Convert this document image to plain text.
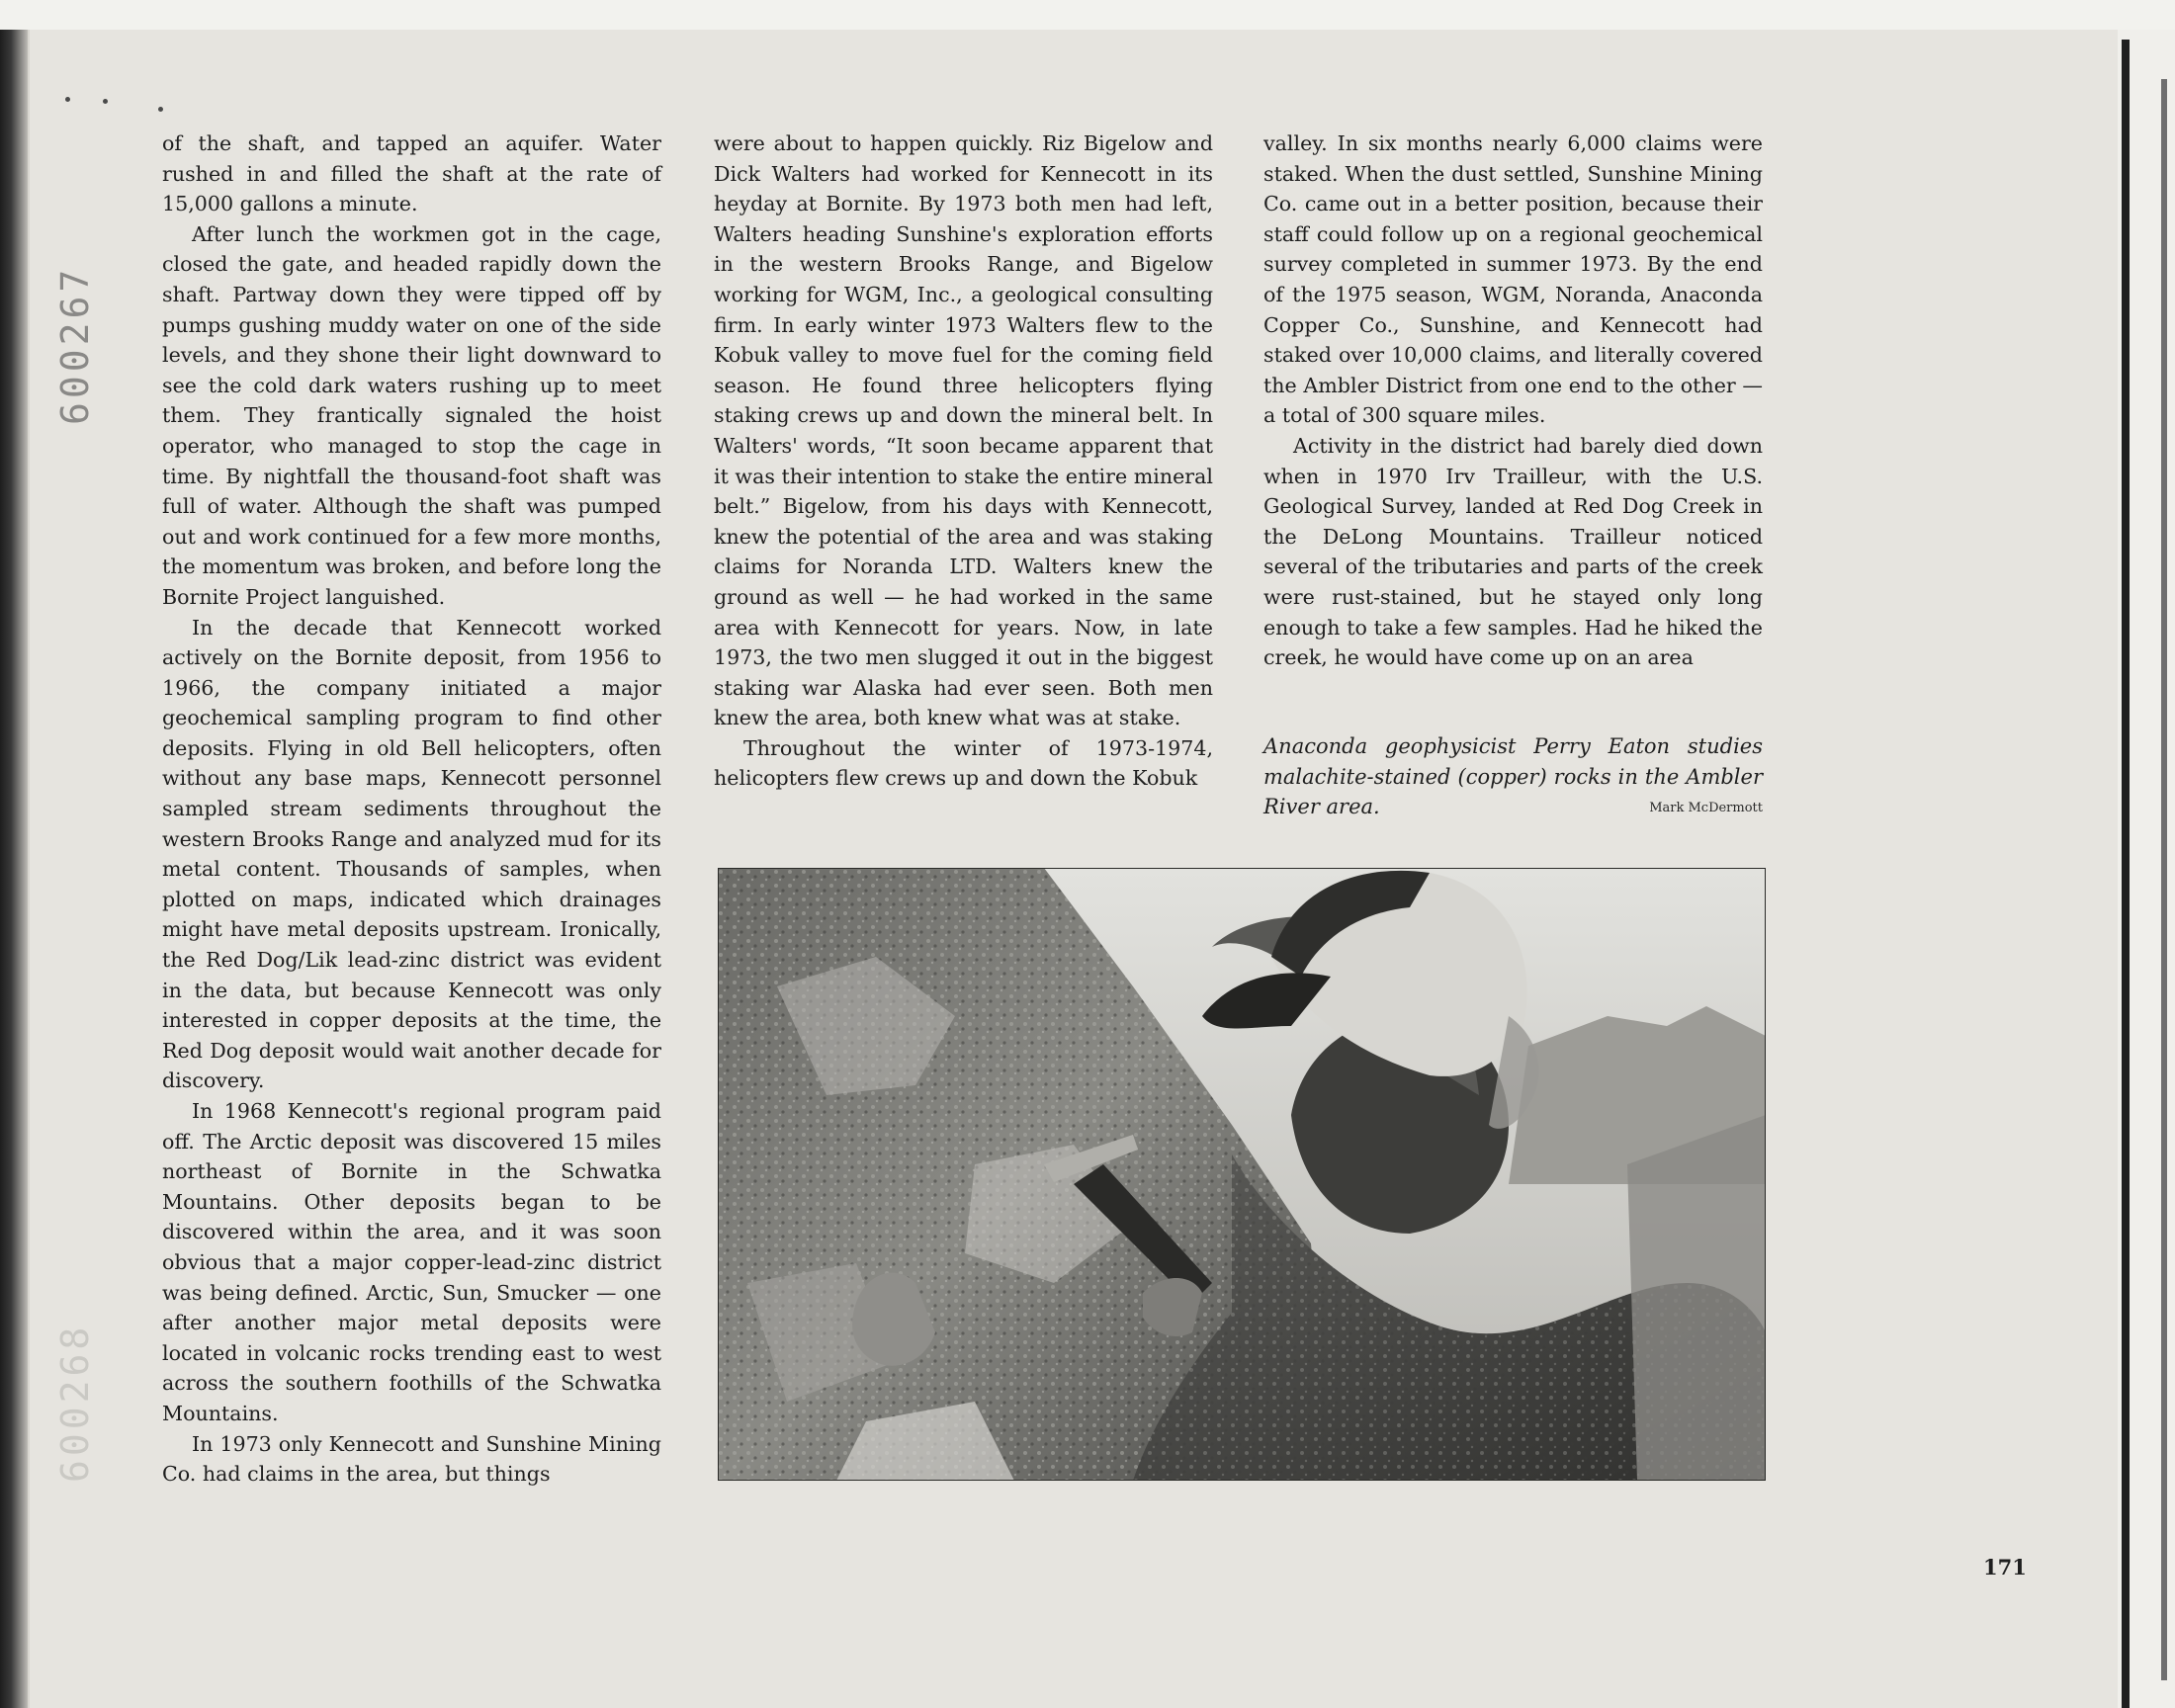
600267
600268

of the shaft, and tapped an aquifer. Water rushed in and filled the shaft at the rate of 15,000 gallons a minute.

After lunch the workmen got in the cage, closed the gate, and headed rapidly down the shaft. Partway down they were tipped off by pumps gushing muddy water on one of the side levels, and they shone their light downward to see the cold dark waters rushing up to meet them. They frantically signaled the hoist operator, who managed to stop the cage in time. By nightfall the thousand-foot shaft was full of water. Although the shaft was pumped out and work continued for a few more months, the momentum was broken, and before long the Bornite Project languished.

In the decade that Kennecott worked actively on the Bornite deposit, from 1956 to 1966, the company initiated a major geochemical sampling program to find other deposits. Flying in old Bell helicopters, often without any base maps, Kennecott personnel sampled stream sediments throughout the western Brooks Range and analyzed mud for its metal content. Thousands of samples, when plotted on maps, indicated which drainages might have metal deposits upstream. Ironically, the Red Dog/Lik lead-zinc district was evident in the data, but because Kennecott was only interested in copper deposits at the time, the Red Dog deposit would wait another decade for discovery.

In 1968 Kennecott's regional program paid off. The Arctic deposit was discovered 15 miles northeast of Bornite in the Schwatka Mountains. Other deposits began to be discovered within the area, and it was soon obvious that a major copper-lead-zinc district was being defined. Arctic, Sun, Smucker — one after another major metal deposits were located in volcanic rocks trending east to west across the southern foothills of the Schwatka Mountains.

In 1973 only Kennecott and Sunshine Mining Co. had claims in the area, but things

were about to happen quickly. Riz Bigelow and Dick Walters had worked for Kennecott in its heyday at Bornite. By 1973 both men had left, Walters heading Sunshine's exploration efforts in the western Brooks Range, and Bigelow working for WGM, Inc., a geological consulting firm. In early winter 1973 Walters flew to the Kobuk valley to move fuel for the coming field season. He found three helicopters flying staking crews up and down the mineral belt. In Walters' words, “It soon became apparent that it was their intention to stake the entire mineral belt.” Bigelow, from his days with Kennecott, knew the potential of the area and was staking claims for Noranda LTD. Walters knew the ground as well — he had worked in the same area with Kennecott for years. Now, in late 1973, the two men slugged it out in the biggest staking war Alaska had ever seen. Both men knew the area, both knew what was at stake.

Throughout the winter of 1973-1974, helicopters flew crews up and down the Kobuk

valley. In six months nearly 6,000 claims were staked. When the dust settled, Sunshine Mining Co. came out in a better position, because their staff could follow up on a regional geochemical survey completed in summer 1973. By the end of the 1975 season, WGM, Noranda, Anaconda Copper Co., Sunshine, and Kennecott had staked over 10,000 claims, and literally covered the Ambler District from one end to the other — a total of 300 square miles.

Activity in the district had barely died down when in 1970 Irv Trailleur, with the U.S. Geological Survey, landed at Red Dog Creek in the DeLong Mountains. Trailleur noticed several of the tributaries and parts of the creek were rust-stained, but he stayed only long enough to take a few samples. Had he hiked the creek, he would have come up on an area

Anaconda geophysicist Perry Eaton studies malachite-stained (copper) rocks in the Ambler River area.	Mark McDermott
171
